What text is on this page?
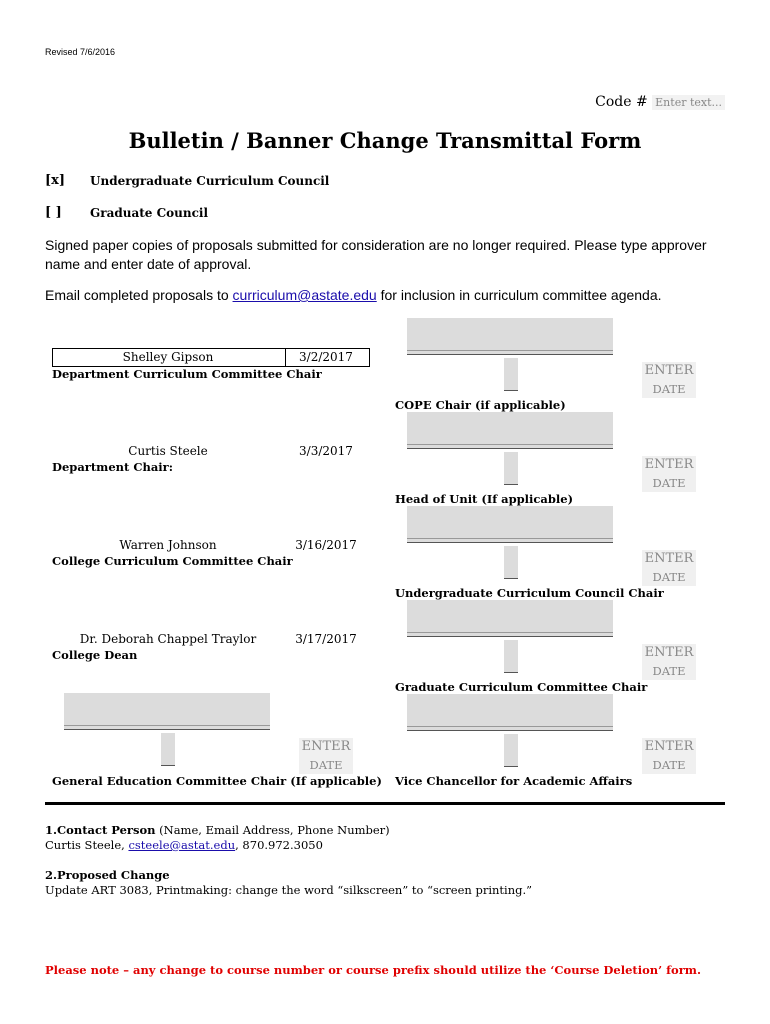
Revised 7/6/2016
Code # Enter text...
Bulletin / Banner Change Transmittal Form
[x] Undergraduate Curriculum Council
[ ] Graduate Council
Signed paper copies of proposals submitted for consideration are no longer required. Please type approver name and enter date of approval.
Email completed proposals to curriculum@astate.edu for inclusion in curriculum committee agenda.
Shelley Gipson	3/2/2017
Department Curriculum Committee Chair
Curtis Steele	3/3/2017
Department Chair:
Warren Johnson	3/16/2017
College Curriculum Committee Chair
Dr. Deborah Chappel Traylor	3/17/2017
College Dean
ENTER
DATE
General Education Committee Chair (If applicable)
ENTER
DATE
COPE Chair (if applicable)
ENTER
DATE
Head of Unit (If applicable)
ENTER
DATE
Undergraduate Curriculum Council Chair
ENTER
DATE
Graduate Curriculum Committee Chair
ENTER
DATE
Vice Chancellor for Academic Affairs
1.Contact Person (Name, Email Address, Phone Number)
Curtis Steele, csteele@astat.edu, 870.972.3050
2.Proposed Change
Update ART 3083, Printmaking: change the word “silkscreen” to “screen printing.”
Please note – any change to course number or course prefix should utilize the ‘Course Deletion’ form.
